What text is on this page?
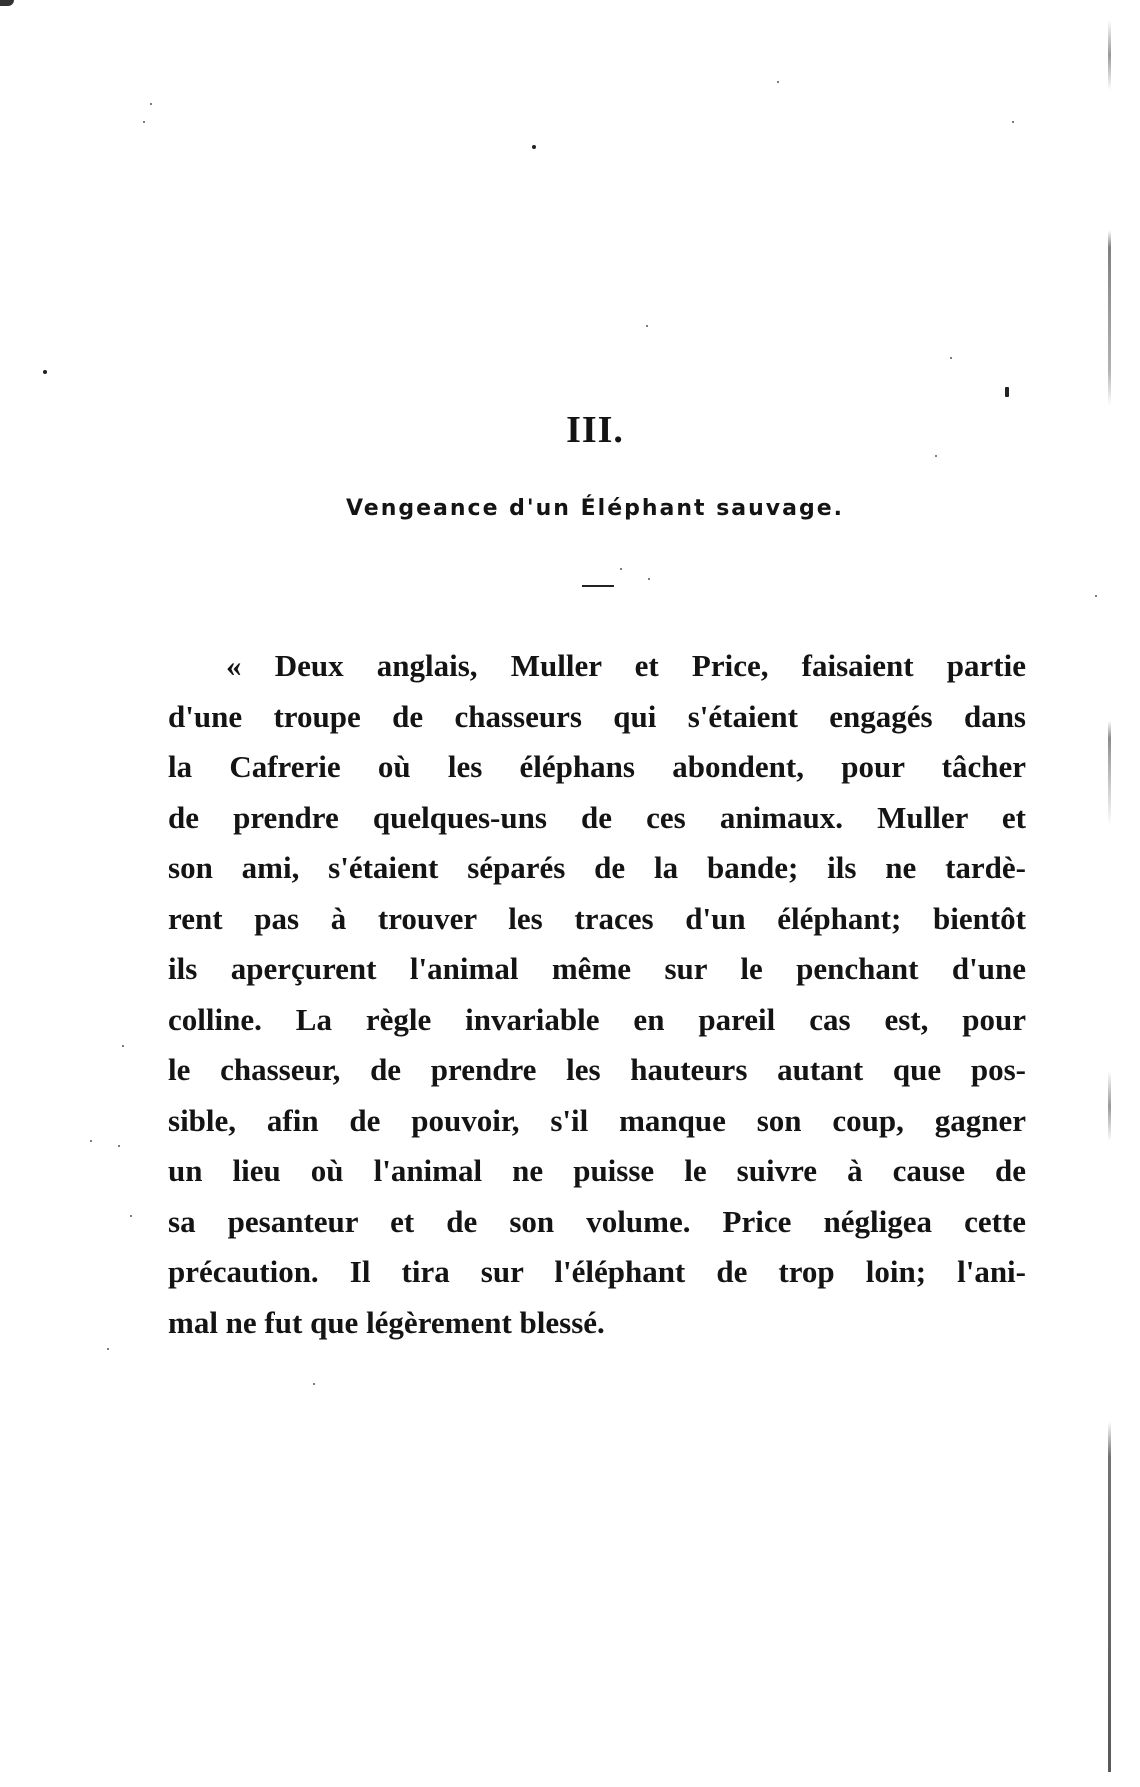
III.
Vengeance d'un Éléphant sauvage.
« Deux anglais, Muller et Price, faisaient partie
d'une troupe de chasseurs qui s'étaient engagés dans
la Cafrerie où les éléphans abondent, pour tâcher
de prendre quelques-uns de ces animaux. Muller et
son ami, s'étaient séparés de la bande; ils ne tardè-
rent pas à trouver les traces d'un éléphant; bientôt
ils aperçurent l'animal même sur le penchant d'une
colline. La règle invariable en pareil cas est, pour
le chasseur, de prendre les hauteurs autant que pos-
sible, afin de pouvoir, s'il manque son coup, gagner
un lieu où l'animal ne puisse le suivre à cause de
sa pesanteur et de son volume. Price négligea cette
précaution. Il tira sur l'éléphant de trop loin; l'ani-
mal ne fut que légèrement blessé.
